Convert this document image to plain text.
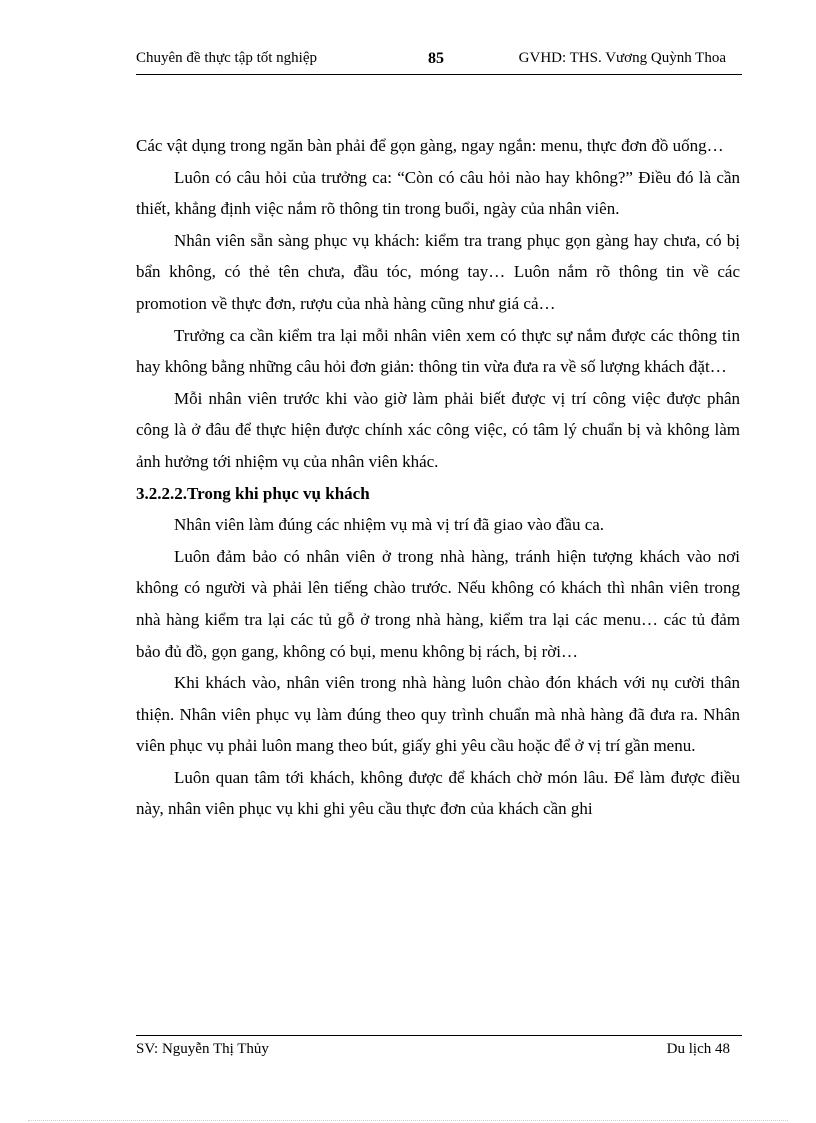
Chuyên đề thực tập tốt nghiệp	85	GVHD: THS. Vương Quỳnh Thoa

Các vật dụng trong ngăn bàn phải để gọn gàng, ngay ngắn: menu, thực đơn đồ uống…

Luôn có câu hỏi của trưởng ca: “Còn có câu hỏi nào hay không?” Điều đó là cần thiết, khẳng định việc nắm rõ thông tin trong buổi, ngày của nhân viên.

Nhân viên sẵn sàng phục vụ khách: kiểm tra trang phục gọn gàng hay chưa, có bị bẩn không, có thẻ tên chưa, đầu tóc, móng tay… Luôn nắm rõ thông tin về các promotion về thực đơn, rượu của nhà hàng cũng như giá cả…

Trưởng ca cần kiểm tra lại mỗi nhân viên xem có thực sự nắm được các thông tin hay không bằng những câu hỏi đơn giản: thông tin vừa đưa ra về số lượng khách đặt…

Mỗi nhân viên trước khi vào giờ làm phải biết được vị trí công việc được phân công là ở đâu để thực hiện được chính xác công việc, có tâm lý chuẩn bị và không làm ảnh hưởng tới nhiệm vụ của nhân viên khác.

3.2.2.2.Trong khi phục vụ khách

Nhân viên làm đúng các nhiệm vụ mà vị trí đã giao vào đầu ca.

Luôn đảm bảo có nhân viên ở trong nhà hàng, tránh hiện tượng khách vào nơi không có người và phải lên tiếng chào trước. Nếu không có khách thì nhân viên trong nhà hàng kiểm tra lại các tủ gỗ ở trong nhà hàng, kiểm tra lại các menu… các tủ đảm bảo đủ đồ, gọn gang, không có bụi, menu không bị rách, bị rời…

Khi khách vào, nhân viên trong nhà hàng luôn chào đón khách với nụ cười thân thiện. Nhân viên phục vụ làm đúng theo quy trình chuẩn mà nhà hàng đã đưa ra. Nhân viên phục vụ phải luôn mang theo bút, giấy ghi yêu cầu hoặc để ở vị trí gần menu.

Luôn quan tâm tới khách, không được để khách chờ món lâu. Để làm được điều này, nhân viên phục vụ khi ghi yêu cầu thực đơn của khách cần ghi

SV: Nguyễn Thị Thủy	Du lịch 48
